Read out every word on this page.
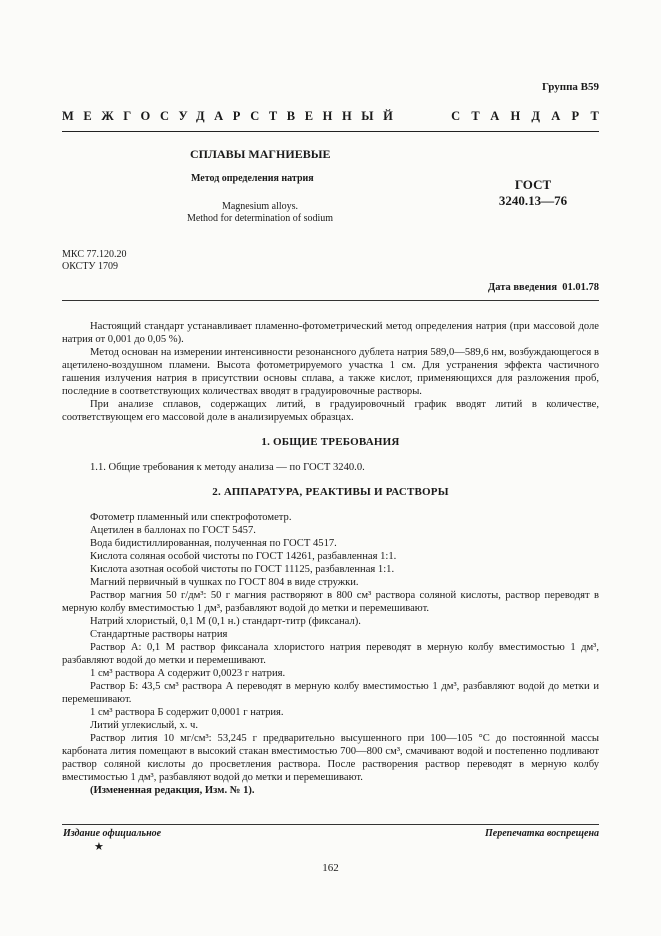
Группа В59
МЕЖГОСУДАРСТВЕННЫЙ	СТАНДАРТ
СПЛАВЫ МАГНИЕВЫЕ
Метод определения натрия
Magnesium alloys.
Method for determination of sodium
ГОСТ
3240.13—76
МКС 77.120.20
ОКСТУ 1709
Дата введения 01.01.78

Настоящий стандарт устанавливает пламенно-фотометрический метод определения натрия (при массовой доле натрия от 0,001 до 0,05 %).

Метод основан на измерении интенсивности резонансного дублета натрия 589,0—589,6 нм, возбуждающегося в ацетилено-воздушном пламени. Высота фотометрируемого участка 1 см. Для устранения эффекта частичного гашения излучения натрия в присутствии основы сплава, а также кислот, применяющихся для разложения проб, последние в соответствующих количествах вводят в градуировочные растворы.

При анализе сплавов, содержащих литий, в градуировочный график вводят литий в количестве, соответствующем его массовой доле в анализируемых образцах.

1. ОБЩИЕ ТРЕБОВАНИЯ

1.1. Общие требования к методу анализа — по ГОСТ 3240.0.

2. АППАРАТУРА, РЕАКТИВЫ И РАСТВОРЫ

Фотометр пламенный или спектрофотометр.

Ацетилен в баллонах по ГОСТ 5457.

Вода бидистиллированная, полученная по ГОСТ 4517.

Кислота соляная особой чистоты по ГОСТ 14261, разбавленная 1:1.

Кислота азотная особой чистоты по ГОСТ 11125, разбавленная 1:1.

Магний первичный в чушках по ГОСТ 804 в виде стружки.

Раствор магния 50 г/дм³: 50 г магния растворяют в 800 см³ раствора соляной кислоты, раствор переводят в мерную колбу вместимостью 1 дм³, разбавляют водой до метки и перемешивают.

Натрий хлористый, 0,1 М (0,1 н.) стандарт-титр (фиксанал).

Стандартные растворы натрия

Раствор А: 0,1 М раствор фиксанала хлористого натрия переводят в мерную колбу вместимостью 1 дм³, разбавляют водой до метки и перемешивают.

1 см³ раствора А содержит 0,0023 г натрия.

Раствор Б: 43,5 см³ раствора А переводят в мерную колбу вместимостью 1 дм³, разбавляют водой до метки и перемешивают.

1 см³ раствора Б содержит 0,0001 г натрия.

Литий углекислый, х. ч.

Раствор лития 10 мг/см³: 53,245 г предварительно высушенного при 100—105 °С до постоянной массы карбоната лития помещают в высокий стакан вместимостью 700—800 см³, смачивают водой и постепенно подливают раствор соляной кислоты до просветления раствора. После растворения раствор переводят в мерную колбу вместимостью 1 дм³, разбавляют водой до метки и перемешивают.

(Измененная редакция, Изм. № 1).

Издание официальное	Перепечатка воспрещена
★
162
